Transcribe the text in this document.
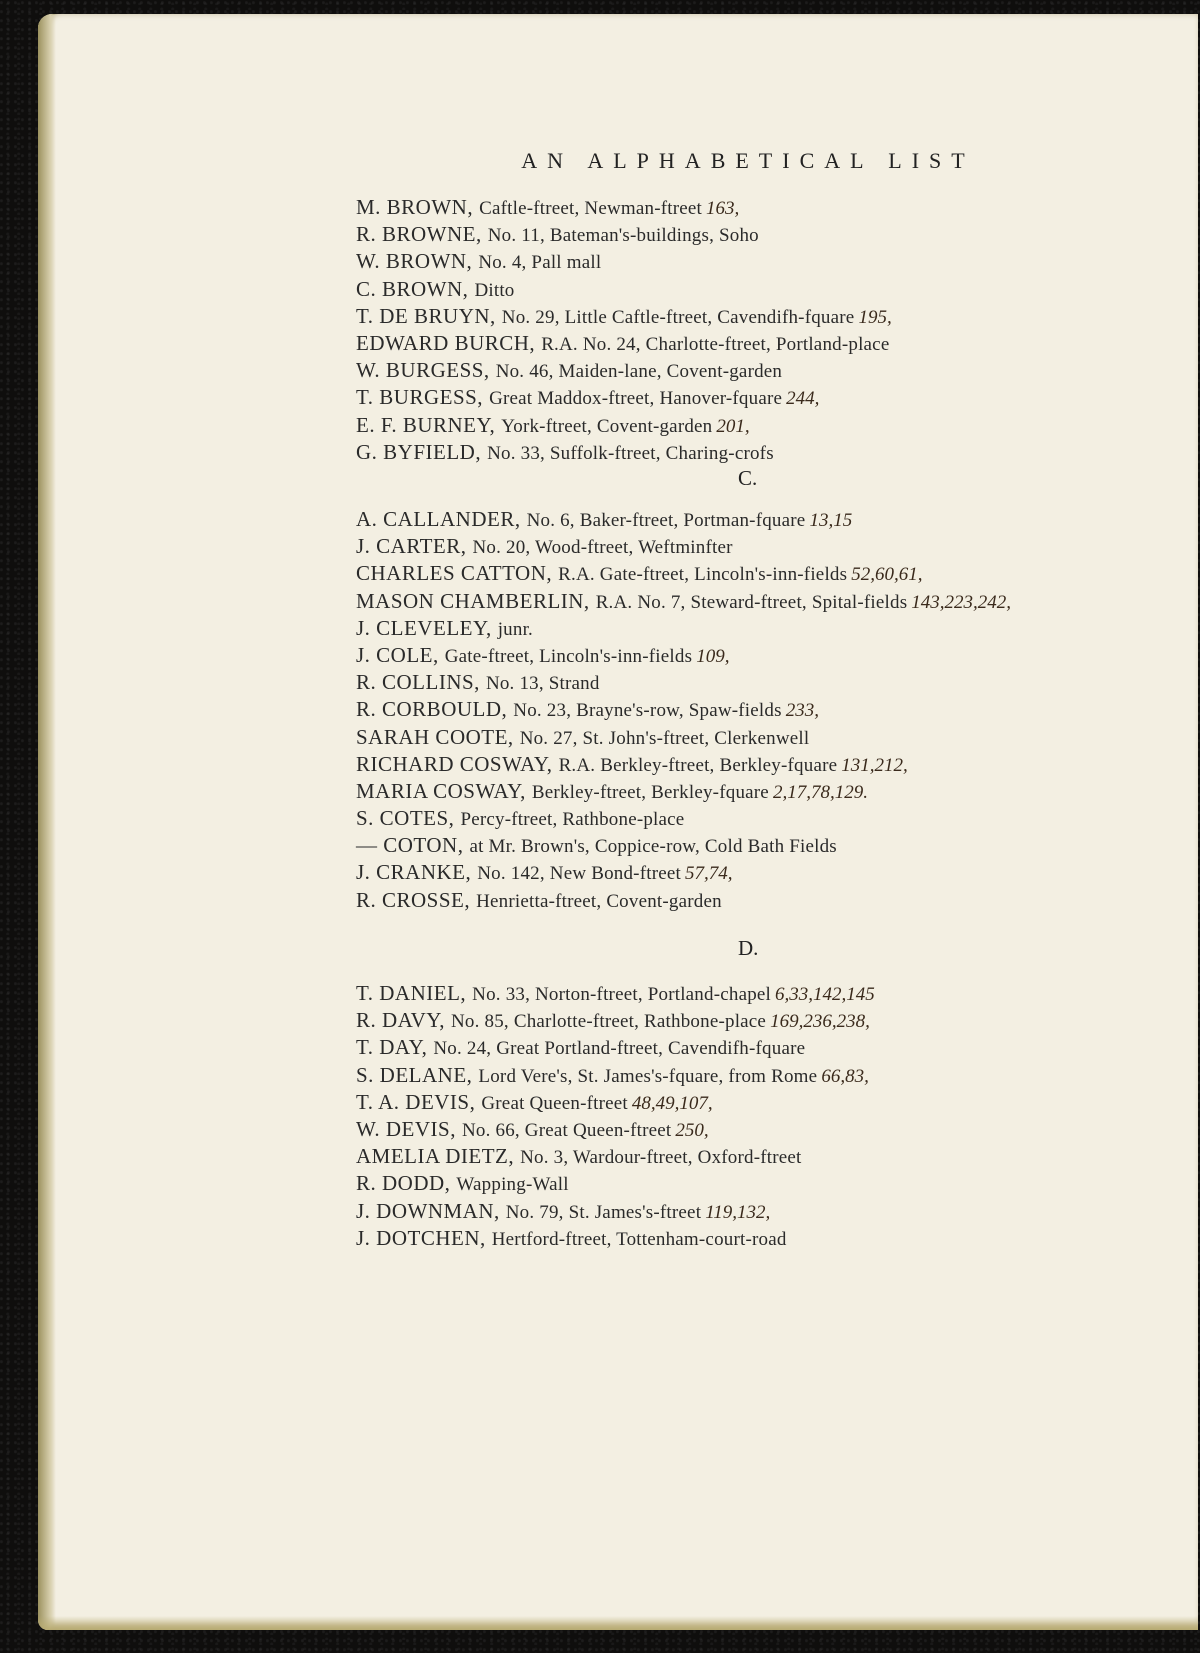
AN ALPHABETICAL LIST
M. BROWN, Caftle-ftreet, Newman-ftreet 163,
R. BROWNE, No. 11, Bateman's-buildings, Soho
W. BROWN, No. 4, Pall mall
C. BROWN, Ditto
T. DE BRUYN, No. 29, Little Caftle-ftreet, Cavendifh-fquare 195,
EDWARD BURCH, R.A. No. 24, Charlotte-ftreet, Portland-place
W. BURGESS, No. 46, Maiden-lane, Covent-garden
T. BURGESS, Great Maddox-ftreet, Hanover-fquare 244,
E. F. BURNEY, York-ftreet, Covent-garden 201,
G. BYFIELD, No. 33, Suffolk-ftreet, Charing-crofs
C.
A. CALLANDER, No. 6, Baker-ftreet, Portman-fquare 13,15
J. CARTER, No. 20, Wood-ftreet, Weftminfter
CHARLES CATTON, R.A. Gate-ftreet, Lincoln's-inn-fields 52,60,61,
MASON CHAMBERLIN, R.A. No. 7, Steward-ftreet, Spital-fields 143,223,242,
J. CLEVELEY, junr.
J. COLE, Gate-ftreet, Lincoln's-inn-fields 109,
R. COLLINS, No. 13, Strand
R. CORBOULD, No. 23, Brayne's-row, Spaw-fields 233,
SARAH COOTE, No. 27, St. John's-ftreet, Clerkenwell
RICHARD COSWAY, R.A. Berkley-ftreet, Berkley-fquare 131,212,
MARIA COSWAY, Berkley-ftreet, Berkley-fquare 2,17,78,129.
S. COTES, Percy-ftreet, Rathbone-place
— COTON, at Mr. Brown's, Coppice-row, Cold Bath Fields
J. CRANKE, No. 142, New Bond-ftreet 57,74,
R. CROSSE, Henrietta-ftreet, Covent-garden
D.
T. DANIEL, No. 33, Norton-ftreet, Portland-chapel 6,33,142,145
R. DAVY, No. 85, Charlotte-ftreet, Rathbone-place 169,236,238,
T. DAY, No. 24, Great Portland-ftreet, Cavendifh-fquare
S. DELANE, Lord Vere's, St. James's-fquare, from Rome 66,83,
T. A. DEVIS, Great Queen-ftreet 48,49,107,
W. DEVIS, No. 66, Great Queen-ftreet 250,
AMELIA DIETZ, No. 3, Wardour-ftreet, Oxford-ftreet
R. DODD, Wapping-Wall
J. DOWNMAN, No. 79, St. James's-ftreet 119,132,
J. DOTCHEN, Hertford-ftreet, Tottenham-court-road
